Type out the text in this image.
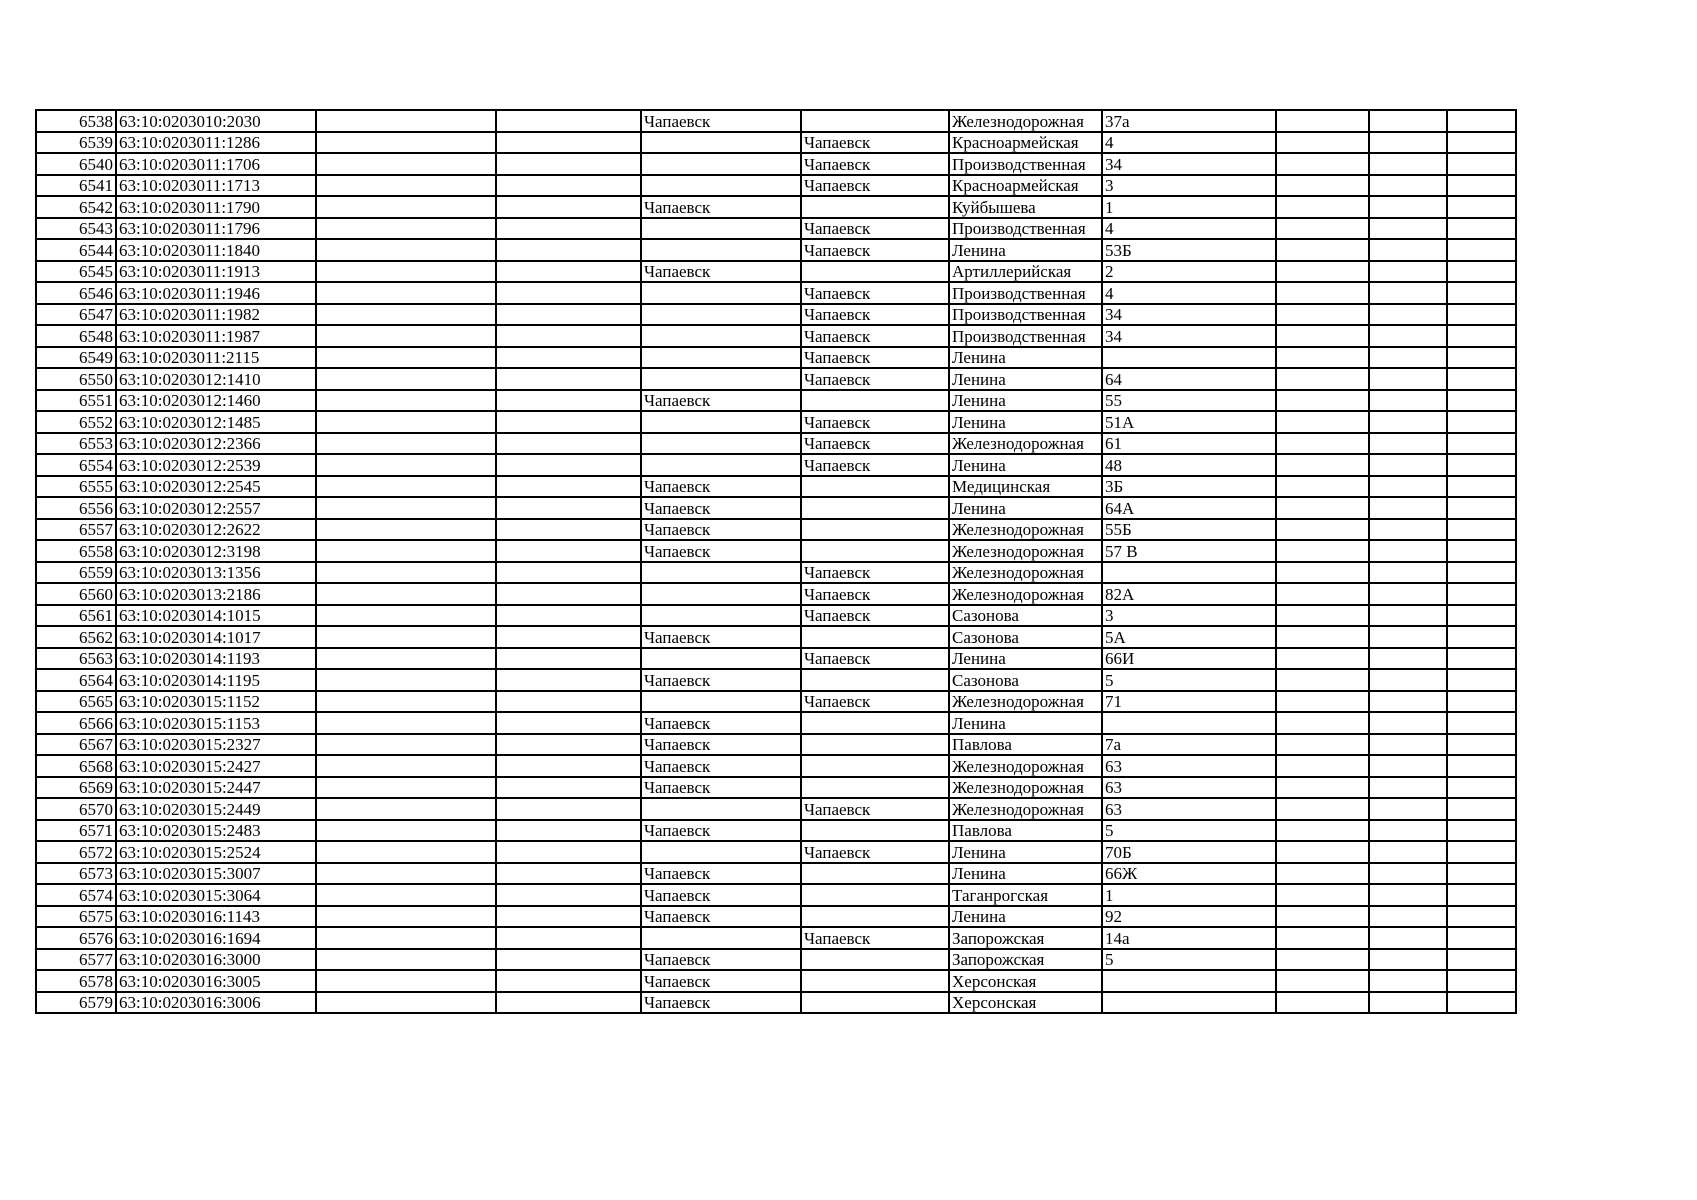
6538	63:10:0203010:2030			Чапаевск		Железнодорожная	37а			
6539	63:10:0203011:1286				Чапаевск	Красноармейская	4			
6540	63:10:0203011:1706				Чапаевск	Производственная	34			
6541	63:10:0203011:1713				Чапаевск	Красноармейская	3			
6542	63:10:0203011:1790			Чапаевск		Куйбышева	1			
6543	63:10:0203011:1796				Чапаевск	Производственная	4			
6544	63:10:0203011:1840				Чапаевск	Ленина	53Б			
6545	63:10:0203011:1913			Чапаевск		Артиллерийская	2			
6546	63:10:0203011:1946				Чапаевск	Производственная	4			
6547	63:10:0203011:1982				Чапаевск	Производственная	34			
6548	63:10:0203011:1987				Чапаевск	Производственная	34			
6549	63:10:0203011:2115				Чапаевск	Ленина				
6550	63:10:0203012:1410				Чапаевск	Ленина	64			
6551	63:10:0203012:1460			Чапаевск		Ленина	55			
6552	63:10:0203012:1485				Чапаевск	Ленина	51А			
6553	63:10:0203012:2366				Чапаевск	Железнодорожная	61			
6554	63:10:0203012:2539				Чапаевск	Ленина	48			
6555	63:10:0203012:2545			Чапаевск		Медицинская	3Б			
6556	63:10:0203012:2557			Чапаевск		Ленина	64А			
6557	63:10:0203012:2622			Чапаевск		Железнодорожная	55Б			
6558	63:10:0203012:3198			Чапаевск		Железнодорожная	57 В			
6559	63:10:0203013:1356				Чапаевск	Железнодорожная				
6560	63:10:0203013:2186				Чапаевск	Железнодорожная	82А			
6561	63:10:0203014:1015				Чапаевск	Сазонова	3			
6562	63:10:0203014:1017			Чапаевск		Сазонова	5А			
6563	63:10:0203014:1193				Чапаевск	Ленина	66И			
6564	63:10:0203014:1195			Чапаевск		Сазонова	5			
6565	63:10:0203015:1152				Чапаевск	Железнодорожная	71			
6566	63:10:0203015:1153			Чапаевск		Ленина				
6567	63:10:0203015:2327			Чапаевск		Павлова	7а			
6568	63:10:0203015:2427			Чапаевск		Железнодорожная	63			
6569	63:10:0203015:2447			Чапаевск		Железнодорожная	63			
6570	63:10:0203015:2449				Чапаевск	Железнодорожная	63			
6571	63:10:0203015:2483			Чапаевск		Павлова	5			
6572	63:10:0203015:2524				Чапаевск	Ленина	70Б			
6573	63:10:0203015:3007			Чапаевск		Ленина	66Ж			
6574	63:10:0203015:3064			Чапаевск		Таганрогская	1			
6575	63:10:0203016:1143			Чапаевск		Ленина	92			
6576	63:10:0203016:1694				Чапаевск	Запорожская	14а			
6577	63:10:0203016:3000			Чапаевск		Запорожская	5			
6578	63:10:0203016:3005			Чапаевск		Херсонская				
6579	63:10:0203016:3006			Чапаевск		Херсонская				
